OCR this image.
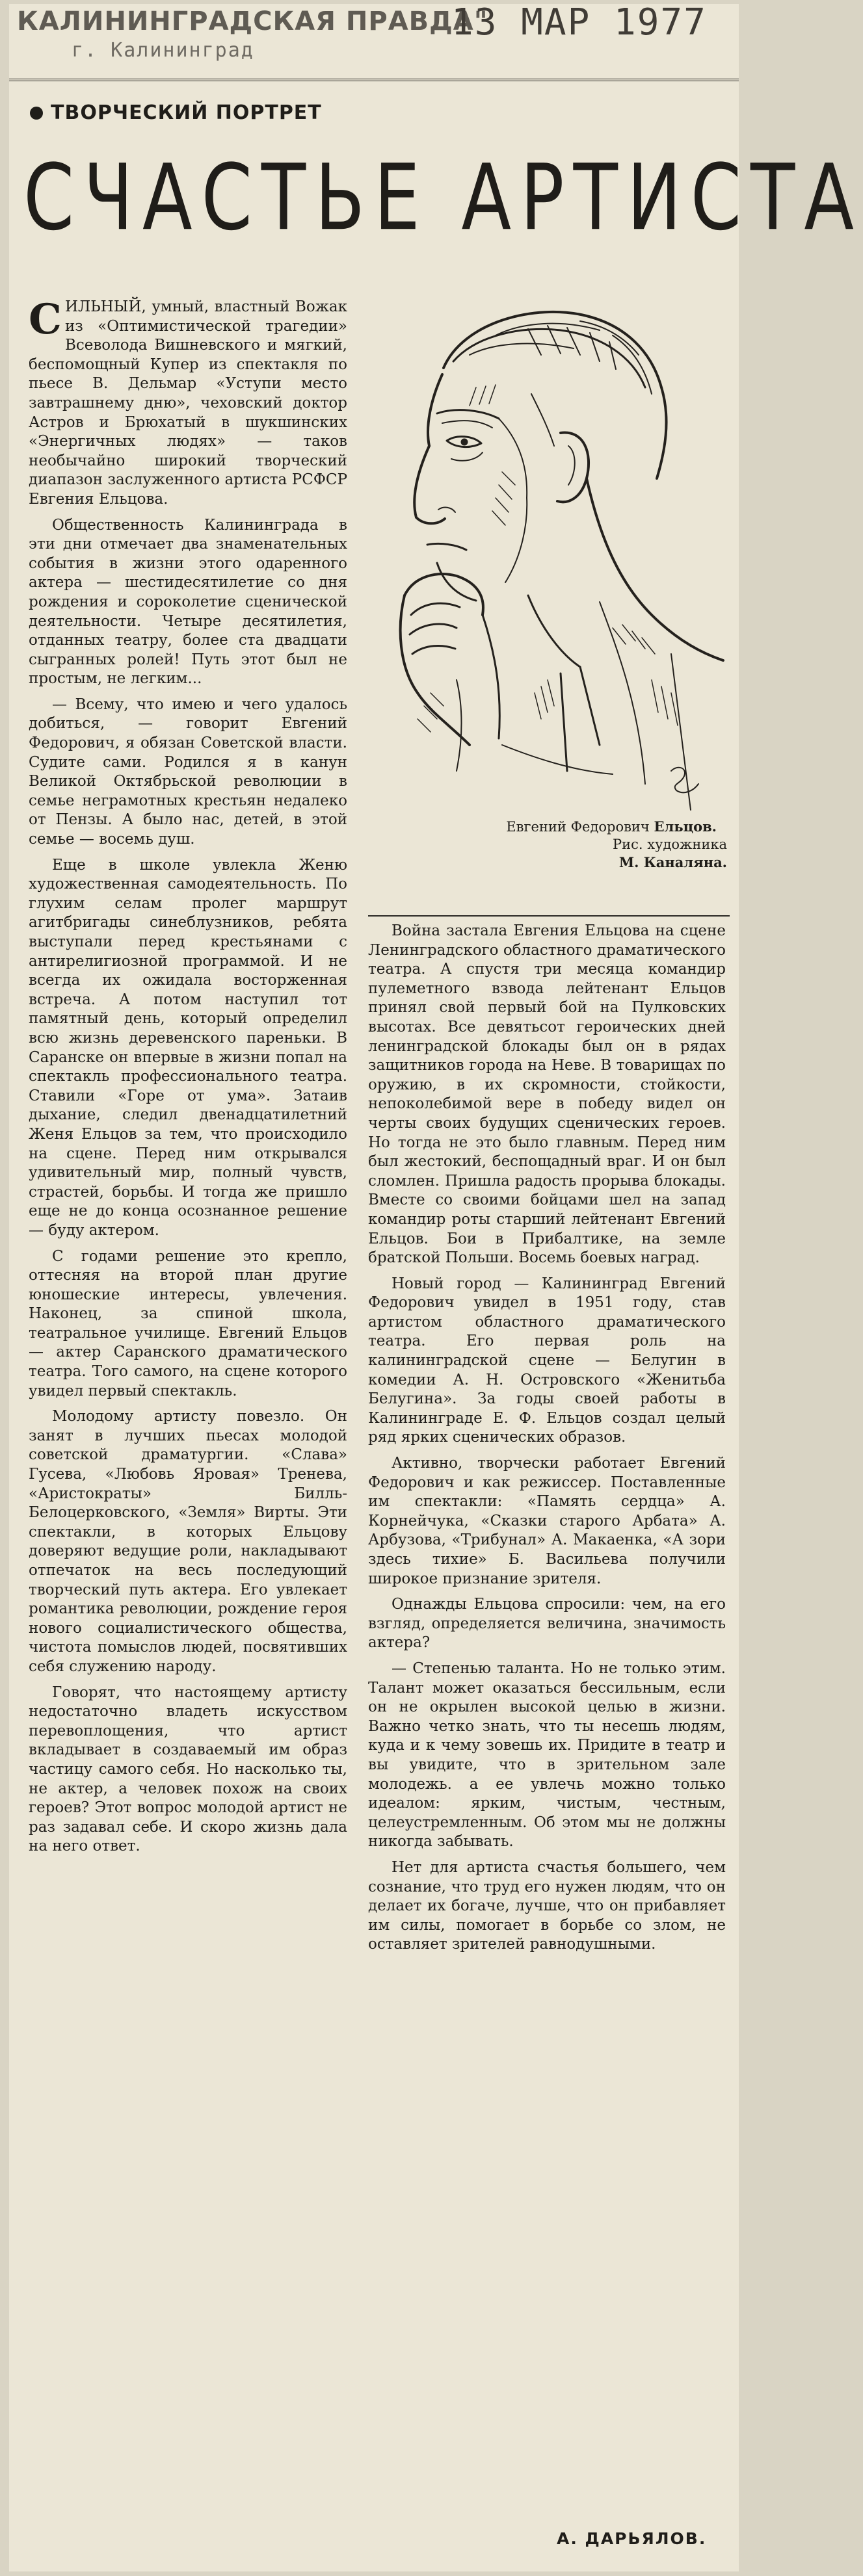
КАЛИНИНГРАДСКАЯ ПРАВДА"
13 МАР 1977
г. Калининград
ТВОРЧЕСКИЙ ПОРТРЕТ
СЧАСТЬЕ АРТИСТА
Евгений Федорович Ельцов.
Рис. художника
М. Каналяна.

СИЛЬНЫЙ, умный, властный Вожак из «Оптимистической трагедии» Всеволода Вишневского и мягкий, беспомощный Купер из спектакля по пьесе В. Дельмар «Уступи место завтрашнему дню», чеховский доктор Астров и Брюхатый в шукшинских «Энергичных людях» — таков необычайно широкий творческий диапазон заслуженного артиста РСФСР Евгения Ельцова.

Общественность Калининграда в эти дни отмечает два знаменательных события в жизни этого одаренного актера — шестидесятилетие со дня рождения и сороколетие сценической деятельности. Четыре десятилетия, отданных театру, более ста двадцати сыгранных ролей! Путь этот был не простым, не легким...

— Всему, что имею и чего удалось добиться, — говорит Евгений Федорович, я обязан Советской власти. Судите сами. Родился я в канун Великой Октябрьской революции в семье неграмотных крестьян недалеко от Пензы. А было нас, детей, в этой семье — восемь душ.

Еще в школе увлекла Женю художественная самодеятельность. По глухим селам пролег маршрут агитбригады синеблузников, ребята выступали перед крестьянами с антирелигиозной программой. И не всегда их ожидала восторженная встреча. А потом наступил тот памятный день, который определил всю жизнь деревенского пареньки. В Саранске он впервые в жизни попал на спектакль профессионального театра. Ставили «Горе от ума». Затаив дыхание, следил двенадцатилетний Женя Ельцов за тем, что происходило на сцене. Перед ним открывался удивительный мир, полный чувств, страстей, борьбы. И тогда же пришло еще не до конца осознанное решение — буду актером.

С годами решение это крепло, оттесняя на второй план другие юношеские интересы, увлечения. Наконец, за спиной школа, театральное училище. Евгений Ельцов — актер Саранского драматического театра. Того самого, на сцене которого увидел первый спектакль.

Молодому артисту повезло. Он занят в лучших пьесах молодой советской драматургии. «Слава» Гусева, «Любовь Яровая» Тренева, «Аристократы» Билль-Белоцерковского, «Земля» Вирты. Эти спектакли, в которых Ельцову доверяют ведущие роли, накладывают отпечаток на весь последующий творческий путь актера. Его увлекает романтика революции, рождение героя нового социалистического общества, чистота помыслов людей, посвятивших себя служению народу.

Говорят, что настоящему артисту недостаточно владеть искусством перевоплощения, что артист вкладывает в создаваемый им образ частицу самого себя. Но насколько ты, не актер, а человек похож на своих героев? Этот вопрос молодой артист не раз задавал себе. И скоро жизнь дала на него ответ.

Война застала Евгения Ельцова на сцене Ленинградского областного драматического театра. А спустя три месяца командир пулеметного взвода лейтенант Ельцов принял свой первый бой на Пулковских высотах. Все девятьсот героических дней ленинградской блокады был он в рядах защитников города на Неве. В товарищах по оружию, в их скромности, стойкости, непоколебимой вере в победу видел он черты своих будущих сценических героев. Но тогда не это было главным. Перед ним был жестокий, беспощадный враг. И он был сломлен. Пришла радость прорыва блокады. Вместе со своими бойцами шел на запад командир роты старший лейтенант Евгений Ельцов. Бои в Прибалтике, на земле братской Польши. Восемь боевых наград.

Новый город — Калининград Евгений Федорович увидел в 1951 году, став артистом областного драматического театра. Его первая роль на калининградской сцене — Белугин в комедии А. Н. Островского «Женитьба Белугина». За годы своей работы в Калининграде Е. Ф. Ельцов создал целый ряд ярких сценических образов.

Активно, творчески работает Евгений Федорович и как режиссер. Поставленные им спектакли: «Память сердца» А. Корнейчука, «Сказки старого Арбата» А. Арбузова, «Трибунал» А. Макаенка, «А зори здесь тихие» Б. Васильева получили широкое признание зрителя.

Однажды Ельцова спросили: чем, на его взгляд, определяется величина, значимость актера?

— Степенью таланта. Но не только этим. Талант может оказаться бессильным, если он не окрылен высокой целью в жизни. Важно четко знать, что ты несешь людям, куда и к чему зовешь их. Придите в театр и вы увидите, что в зрительном зале молодежь. а ее увлечь можно только идеалом: ярким, чистым, честным, целеустремленным. Об этом мы не должны никогда забывать.

Нет для артиста счастья большего, чем сознание, что труд его нужен людям, что он делает их богаче, лучше, что он прибавляет им силы, помогает в борьбе со злом, не оставляет зрителей равнодушными.

А. ДАРЬЯЛОВ.
